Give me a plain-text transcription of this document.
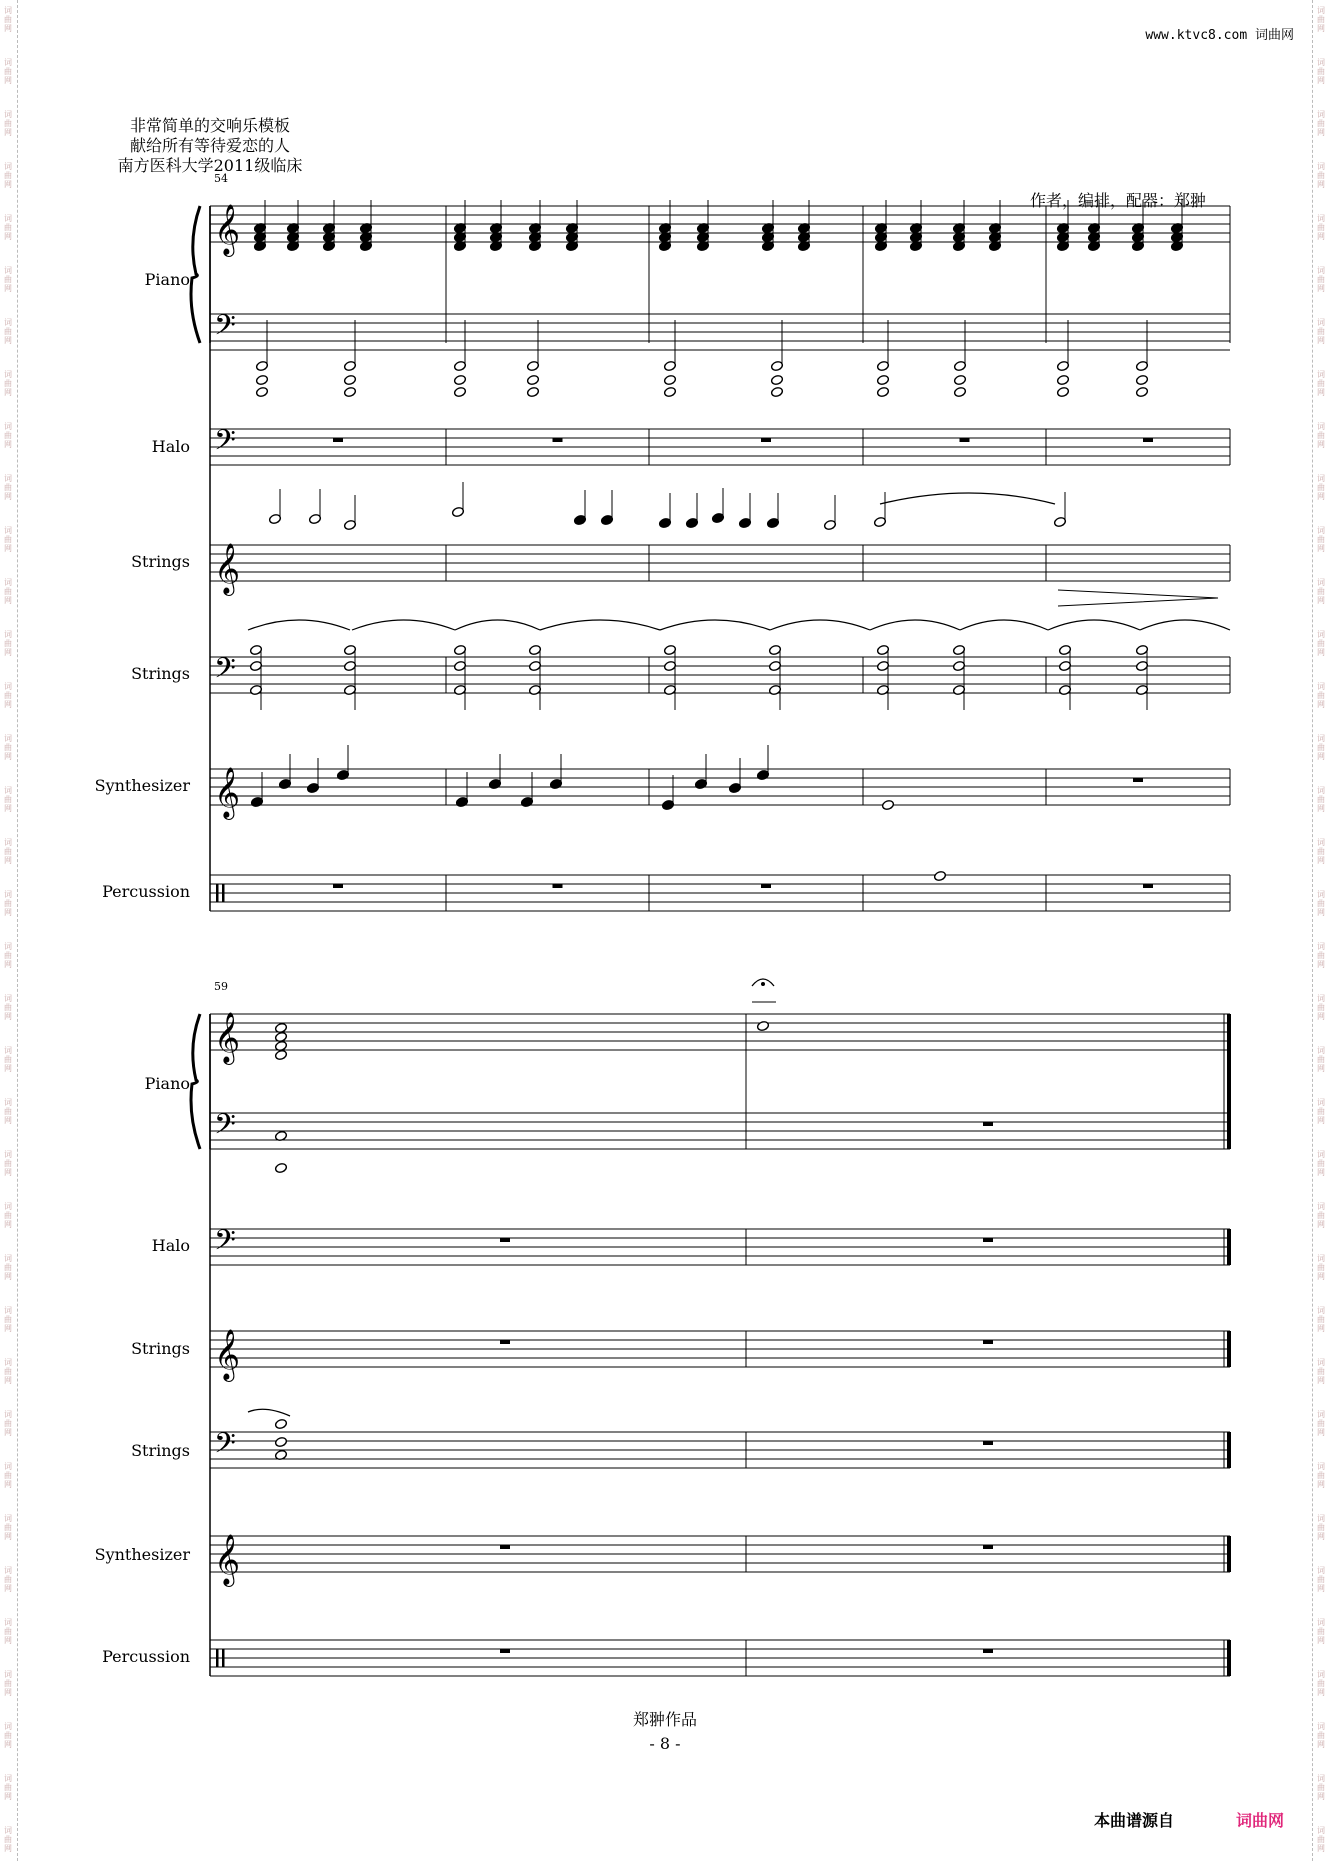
词
曲
网
词
曲
网
词
曲
网
词
曲
网
词
曲
网
词
曲
网
词
曲
网
词
曲
网
词
曲
网
词
曲
网
词
曲
网
词
曲
网
词
曲
网
词
曲
网
词
曲
网
词
曲
网
词
曲
网
词
曲
网
词
曲
网
词
曲
网
词
曲
网
词
曲
网
词
曲
网
词
曲
网
词
曲
网
词
曲
网
词
曲
网
词
曲
网
词
曲
网
词
曲
网
词
曲
网
词
曲
网
词
曲
网
词
曲
网
词
曲
网
词
曲
网
词
曲
网
词
曲
网
词
曲
网
词
曲
网
词
曲
网
词
曲
网
词
曲
网
词
曲
网
词
曲
网
词
曲
网
词
曲
网
词
曲
网
词
曲
网
词
曲
网
词
曲
网
词
曲
网
词
曲
网
词
曲
网
词
曲
网
词
曲
网
词
曲
网
词
曲
网
词
曲
网
词
曲
网
词
曲
网
词
曲
网
词
曲
网
词
曲
网
词
曲
网
词
曲
网
词
曲
网
词
曲
网
词
曲
网
词
曲
网
词
曲
网
词
曲
网
www.ktvc8.com 词曲网
非常简单的交响乐模板
献给所有等待爱恋的人
南方医科大学2011级临床
作者，编排，配器：郑翀
54
Piano
Halo
Strings
Strings
Synthesizer
Percussion
59
Piano
Halo
Strings
Strings
Synthesizer
Percussion
𝄞
𝄢
𝄢
𝄞
𝄢
𝄞
𝄞
𝄢
𝄢
𝄞
𝄢
𝄞
郑翀作品
- 8 -
本曲谱源自	词曲网
